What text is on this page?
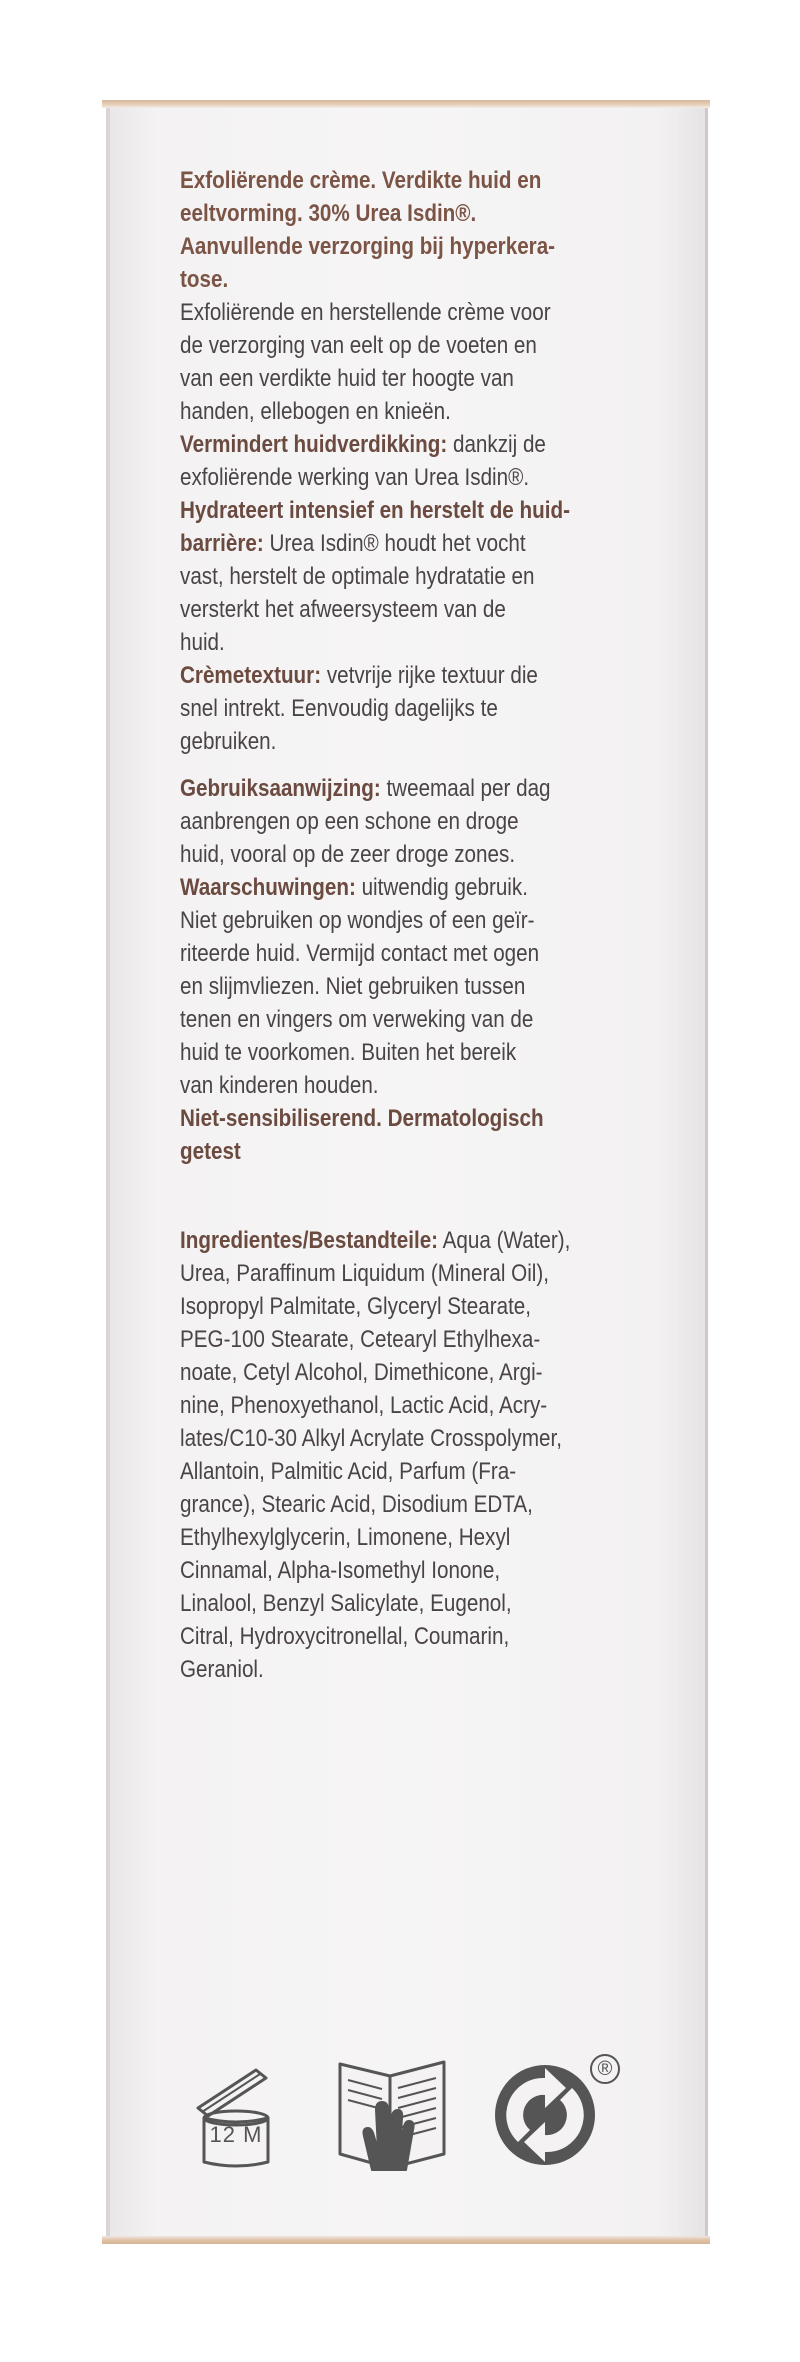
Exfoliërende crème. Verdikte huid en
eeltvorming. 30% Urea Isdin®.
Aanvullende verzorging bij hyperkera-
tose.
Exfoliërende en herstellende crème voor
de verzorging van eelt op de voeten en
van een verdikte huid ter hoogte van
handen, ellebogen en knieën.
Vermindert huidverdikking: dankzij de
exfoliërende werking van Urea Isdin®.
Hydrateert intensief en herstelt de huid-
barrière: Urea Isdin® houdt het vocht
vast, herstelt de optimale hydratatie en
versterkt het afweersysteem van de
huid.
Crèmetextuur: vetvrije rijke textuur die
snel intrekt. Eenvoudig dagelijks te
gebruiken.
Gebruiksaanwijzing: tweemaal per dag
aanbrengen op een schone en droge
huid, vooral op de zeer droge zones.
Waarschuwingen: uitwendig gebruik.
Niet gebruiken op wondjes of een geïr-
riteerde huid. Vermijd contact met ogen
en slijmvliezen. Niet gebruiken tussen
tenen en vingers om verweking van de
huid te voorkomen. Buiten het bereik
van kinderen houden.
Niet-sensibiliserend. Dermatologisch
getest
Ingredientes/Bestandteile: Aqua (Water),
Urea, Paraffinum Liquidum (Mineral Oil),
Isopropyl Palmitate, Glyceryl Stearate,
PEG-100 Stearate, Cetearyl Ethylhexa-
noate, Cetyl Alcohol, Dimethicone, Argi-
nine, Phenoxyethanol, Lactic Acid, Acry-
lates/C10-30 Alkyl Acrylate Crosspolymer,
Allantoin, Palmitic Acid, Parfum (Fra-
grance), Stearic Acid, Disodium EDTA,
Ethylhexylglycerin, Limonene, Hexyl
Cinnamal, Alpha-Isomethyl Ionone,
Linalool, Benzyl Salicylate, Eugenol,
Citral, Hydroxycitronellal, Coumarin,
Geraniol.
12 M
®
